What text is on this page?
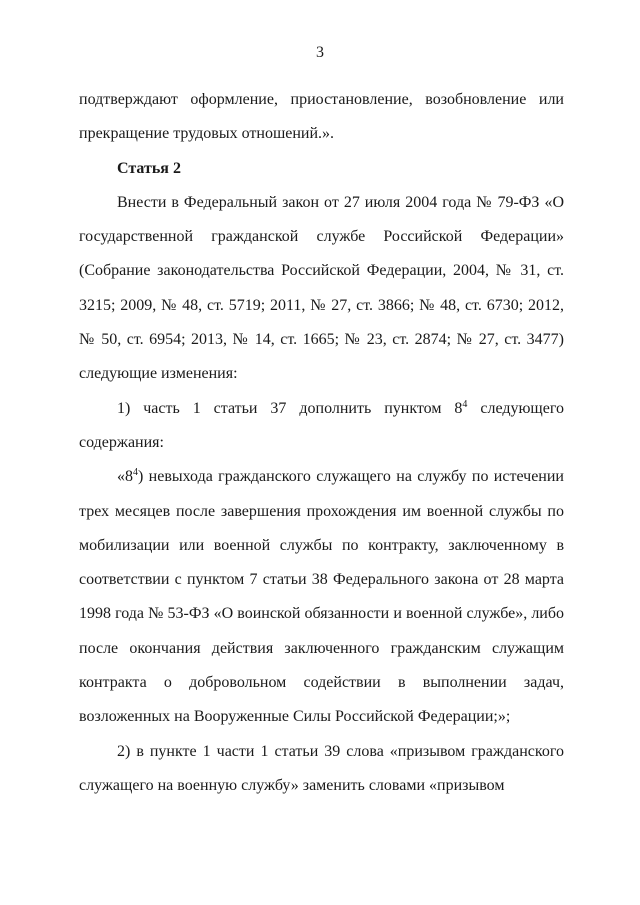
3

подтверждают оформление, приостановление, возобновление или прекращение трудовых отношений.».

Статья 2

Внести в Федеральный закон от 27 июля 2004 года № 79-ФЗ «О государственной гражданской службе Российской Федерации» (Собрание законодательства Российской Федерации, 2004, № 31, ст. 3215; 2009, № 48, ст. 5719; 2011, № 27, ст. 3866; № 48, ст. 6730; 2012, № 50, ст. 6954; 2013, № 14, ст. 1665; № 23, ст. 2874; № 27, ст. 3477) следующие изменения:

1) часть 1 статьи 37 дополнить пунктом $8^4$ следующего содержания:

«$8^4$) невыхода гражданского служащего на службу по истечении трех месяцев после завершения прохождения им военной службы по мобилизации или военной службы по контракту, заключенному в соответствии с пунктом 7 статьи 38 Федерального закона от 28 марта 1998 года № 53-ФЗ «О воинской обязанности и военной службе», либо после окончания действия заключенного гражданским служащим контракта о добровольном содействии в выполнении задач, возложенных на Вооруженные Силы Российской Федерации;»;

2) в пункте 1 части 1 статьи 39 слова «призывом гражданского служащего на военную службу» заменить словами «призывом
